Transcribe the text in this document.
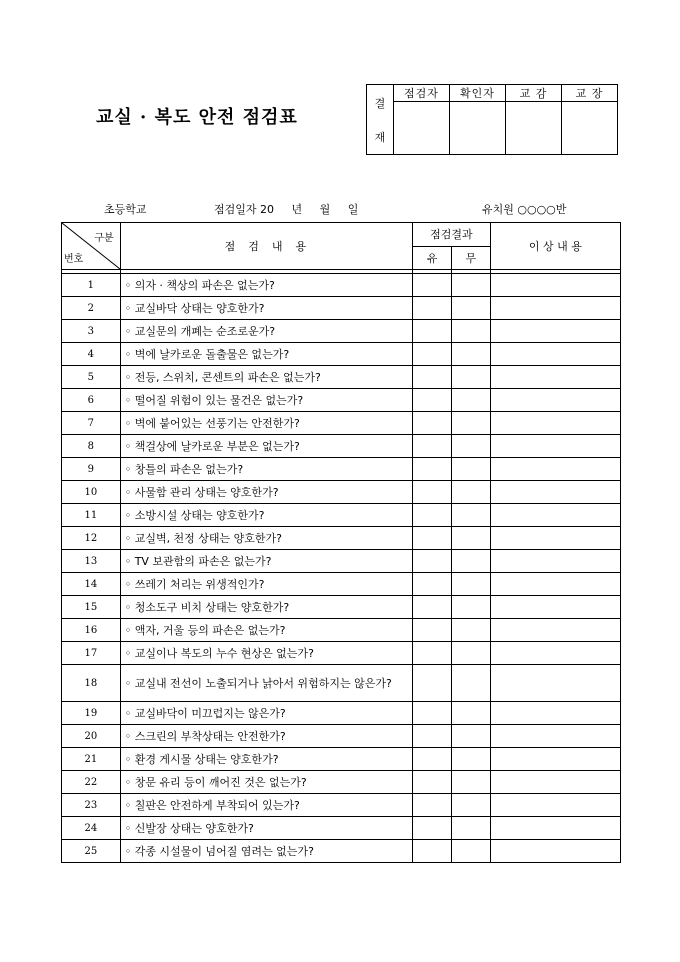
교실 · 복도 안전 점검표
결
재	점검자	확인자	교 감	교 장

초등학교	점검일자 20     년     월     일	유치원 ○○○○반
구분
번호	점  검  내  용	점검결과		이 상 내 용
		유	무	

1	◦ 의자 · 책상의 파손은 없는가?			
2	◦ 교실바닥 상태는 양호한가?			
3	◦ 교실문의 개폐는 순조로운가?			
4	◦ 벽에 날카로운 돌출물은 없는가?			
5	◦ 전등, 스위치, 콘센트의 파손은 없는가?			
6	◦ 떨어질 위험이 있는 물건은 없는가?			
7	◦ 벽에 붙어있는 선풍기는 안전한가?			
8	◦ 책걸상에 날카로운 부분은 없는가?			
9	◦ 창틀의 파손은 없는가?			
10	◦ 사물함 관리 상태는 양호한가?			
11	◦ 소방시설 상태는 양호한가?			
12	◦ 교실벽, 천정 상태는 양호한가?			
13	◦ TV 보관함의 파손은 없는가?			
14	◦ 쓰레기 처리는 위생적인가?			
15	◦ 청소도구 비치 상태는 양호한가?			
16	◦ 액자, 거울 등의 파손은 없는가?			
17	◦ 교실이나 복도의 누수 현상은 없는가?			
18	◦ 교실내 전선이 노출되거나 낡아서 위험하지는 않은가?			
19	◦ 교실바닥이 미끄럽지는 않은가?			
20	◦ 스크린의 부착상태는 안전한가?			
21	◦ 환경 게시물 상태는 양호한가?			
22	◦ 창문 유리 등이 깨어진 것은 없는가?			
23	◦ 칠판은 안전하게 부착되어 있는가?			
24	◦ 신발장 상태는 양호한가?			
25	◦ 각종 시설물이 넘어질 염려는 없는가?			
